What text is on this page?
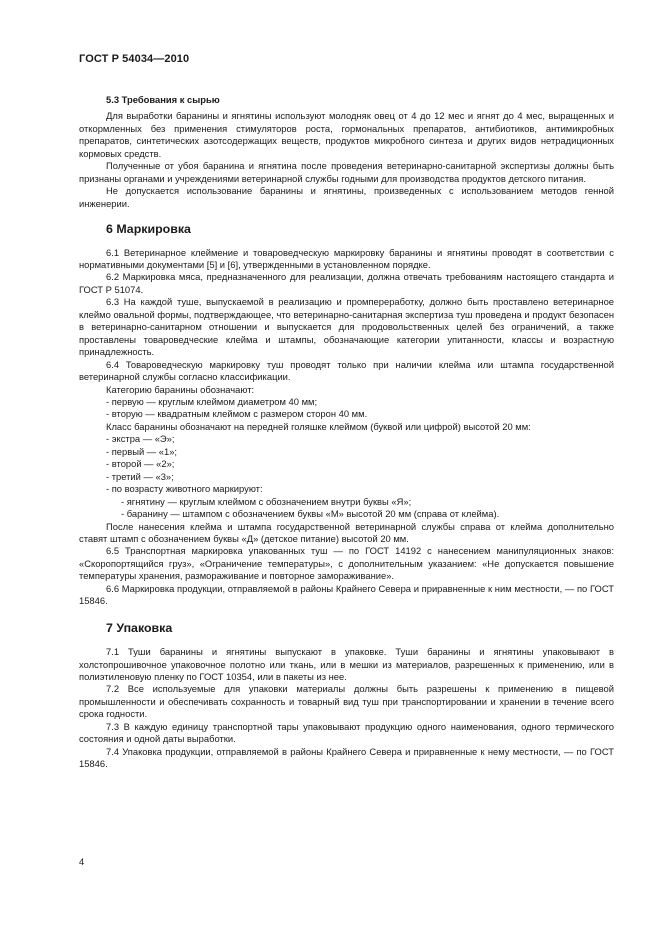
ГОСТ Р 54034—2010

5.3 Требования к сырью

Для выработки баранины и ягнятины используют молодняк овец от 4 до 12 мес и ягнят до 4 мес, выращенных и откормленных без применения стимуляторов роста, гормональных препаратов, антибиотиков, антимикробных препаратов, синтетических азотсодержащих веществ, продуктов микробного синтеза и других видов нетрадиционных кормовых средств.

Полученные от убоя баранина и ягнятина после проведения ветеринарно-санитарной экспертизы должны быть признаны органами и учреждениями ветеринарной службы годными для производства продуктов детского питания.

Не допускается использование баранины и ягнятины, произведенных с использованием методов генной инженерии.

6 Маркировка

6.1 Ветеринарное клеймение и товароведческую маркировку баранины и ягнятины проводят в соответствии с нормативными документами [5] и [6], утвержденными в установленном порядке.

6.2 Маркировка мяса, предназначенного для реализации, должна отвечать требованиям настоящего стандарта и ГОСТ Р 51074.

6.3 На каждой туше, выпускаемой в реализацию и промпереработку, должно быть проставлено ветеринарное клеймо овальной формы, подтверждающее, что ветеринарно-санитарная экспертиза туш проведена и продукт безопасен в ветеринарно-санитарном отношении и выпускается для продовольственных целей без ограничений, а также проставлены товароведческие клейма и штампы, обозначающие категории упитанности, классы и возрастную принадлежность.

6.4 Товароведческую маркировку туш проводят только при наличии клейма или штампа государственной ветеринарной службы согласно классификации.

Категорию баранины обозначают:

- первую — круглым клеймом диаметром 40 мм;

- вторую — квадратным клеймом с размером сторон 40 мм.

Класс баранины обозначают на передней голяшке клеймом (буквой или цифрой) высотой 20 мм:

- экстра — «Э»;

- первый — «1»;

- второй — «2»;

- третий — «3»;

- по возрасту животного маркируют:

- ягнятину — круглым клеймом с обозначением внутри буквы «Я»;

- баранину — штампом с обозначением буквы «М» высотой 20 мм (справа от клейма).

После нанесения клейма и штампа государственной ветеринарной службы справа от клейма дополнительно ставят штамп с обозначением буквы «Д» (детское питание) высотой 20 мм.

6.5 Транспортная маркировка упакованных туш — по ГОСТ 14192 с нанесением манипуляционных знаков: «Скоропортящийся груз», «Ограничение температуры», с дополнительным указанием: «Не допускается повышение температуры хранения, размораживание и повторное замораживание».

6.6 Маркировка продукции, отправляемой в районы Крайнего Севера и приравненные к ним местности, — по ГОСТ 15846.

7 Упаковка

7.1 Туши баранины и ягнятины выпускают в упаковке. Туши баранины и ягнятины упаковывают в холстопрошивочное упаковочное полотно или ткань, или в мешки из материалов, разрешенных к применению, или в полиэтиленовую пленку по ГОСТ 10354, или в пакеты из нее.

7.2 Все используемые для упаковки материалы должны быть разрешены к применению в пищевой промышленности и обеспечивать сохранность и товарный вид туш при транспортировании и хранении в течение всего срока годности.

7.3 В каждую единицу транспортной тары упаковывают продукцию одного наименования, одного термического состояния и одной даты выработки.

7.4 Упаковка продукции, отправляемой в районы Крайнего Севера и приравненные к нему местности, — по ГОСТ 15846.

4
